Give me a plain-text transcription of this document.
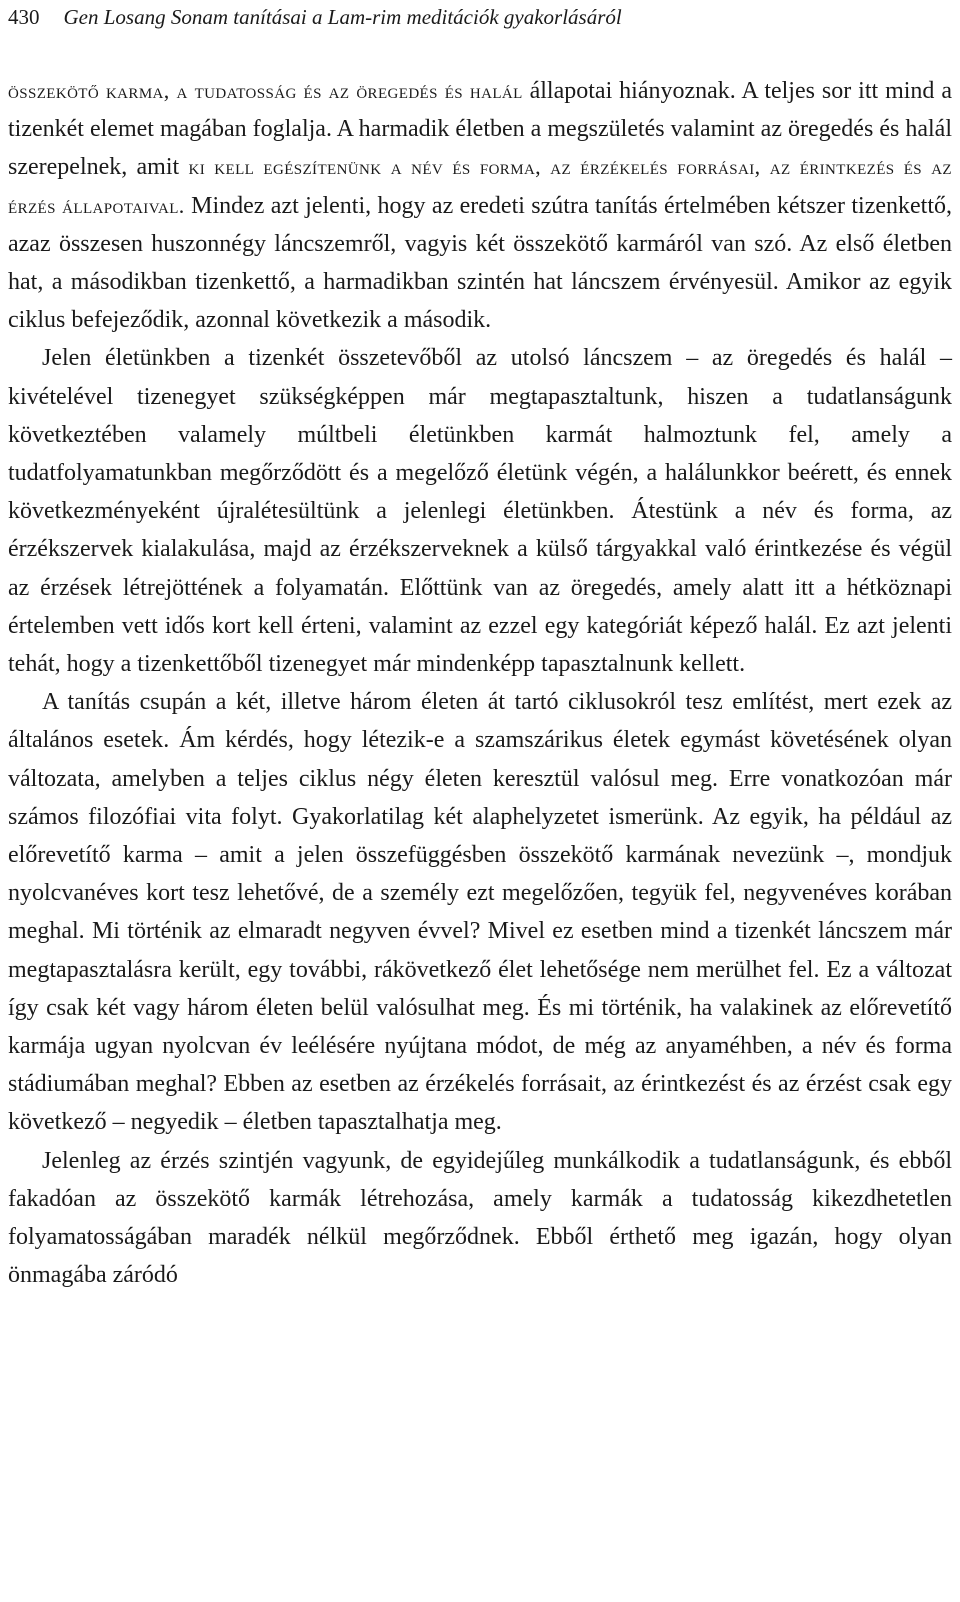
430 Gen Losang Sonam tanításai a Lam-rim meditációk gyakorlásáról

összekötő karma, a tudatosság és az öregedés és halál állapotai hiányoznak. A teljes sor itt mind a tizenkét elemet magában foglalja. A harmadik életben a megszületés valamint az öregedés és halál szerepelnek, amit ki kell egészítenünk a név és forma, az érzékelés forrásai, az érintkezés és az érzés állapotaival. Mindez azt jelenti, hogy az eredeti szútra tanítás értelmében kétszer tizenkettő, azaz összesen huszonnégy láncszemről, vagyis két összekötő karmáról van szó. Az első életben hat, a másodikban tizenkettő, a harmadikban szintén hat láncszem érvényesül. Amikor az egyik ciklus befejeződik, azonnal következik a második.

Jelen életünkben a tizenkét összetevőből az utolsó láncszem – az öregedés és halál – kivételével tizenegyet szükségképpen már megtapasztaltunk, hiszen a tudatlanságunk következtében valamely múltbeli életünkben karmát halmoztunk fel, amely a tudatfolyamatunkban megőrződött és a megelőző életünk végén, a halálunkkor beérett, és ennek következményeként újralétesültünk a jelenlegi életünkben. Átestünk a név és forma, az érzékszervek kialakulása, majd az érzékszerveknek a külső tárgyakkal való érintkezése és végül az érzések létrejöttének a folyamatán. Előttünk van az öregedés, amely alatt itt a hétköznapi értelemben vett idős kort kell érteni, valamint az ezzel egy kategóriát képező halál. Ez azt jelenti tehát, hogy a tizenkettőből tizenegyet már mindenképp tapasztalnunk kellett.

A tanítás csupán a két, illetve három életen át tartó ciklusokról tesz említést, mert ezek az általános esetek. Ám kérdés, hogy létezik-e a szamszárikus életek egymást követésének olyan változata, amelyben a teljes ciklus négy életen keresztül valósul meg. Erre vonatkozóan már számos filozófiai vita folyt. Gyakorlatilag két alaphelyzetet ismerünk. Az egyik, ha például az előrevetítő karma – amit a jelen összefüggésben összekötő karmának nevezünk –, mondjuk nyolcvanéves kort tesz lehetővé, de a személy ezt megelőzően, tegyük fel, negyvenéves korában meghal. Mi történik az elmaradt negyven évvel? Mivel ez esetben mind a tizenkét láncszem már megtapasztalásra került, egy további, rákövetkező élet lehetősége nem merülhet fel. Ez a változat így csak két vagy három életen belül valósulhat meg. És mi történik, ha valakinek az előrevetítő karmája ugyan nyolcvan év leélésére nyújtana módot, de még az anyaméhben, a név és forma stádiumában meghal? Ebben az esetben az érzékelés forrásait, az érintkezést és az érzést csak egy következő – negyedik – életben tapasztalhatja meg.

Jelenleg az érzés szintjén vagyunk, de egyidejűleg munkálkodik a tudatlanságunk, és ebből fakadóan az összekötő karmák létrehozása, amely karmák a tudatosság kikezdhetetlen folyamatosságában maradék nélkül megőrződnek. Ebből érthető meg igazán, hogy olyan önmagába záródó
